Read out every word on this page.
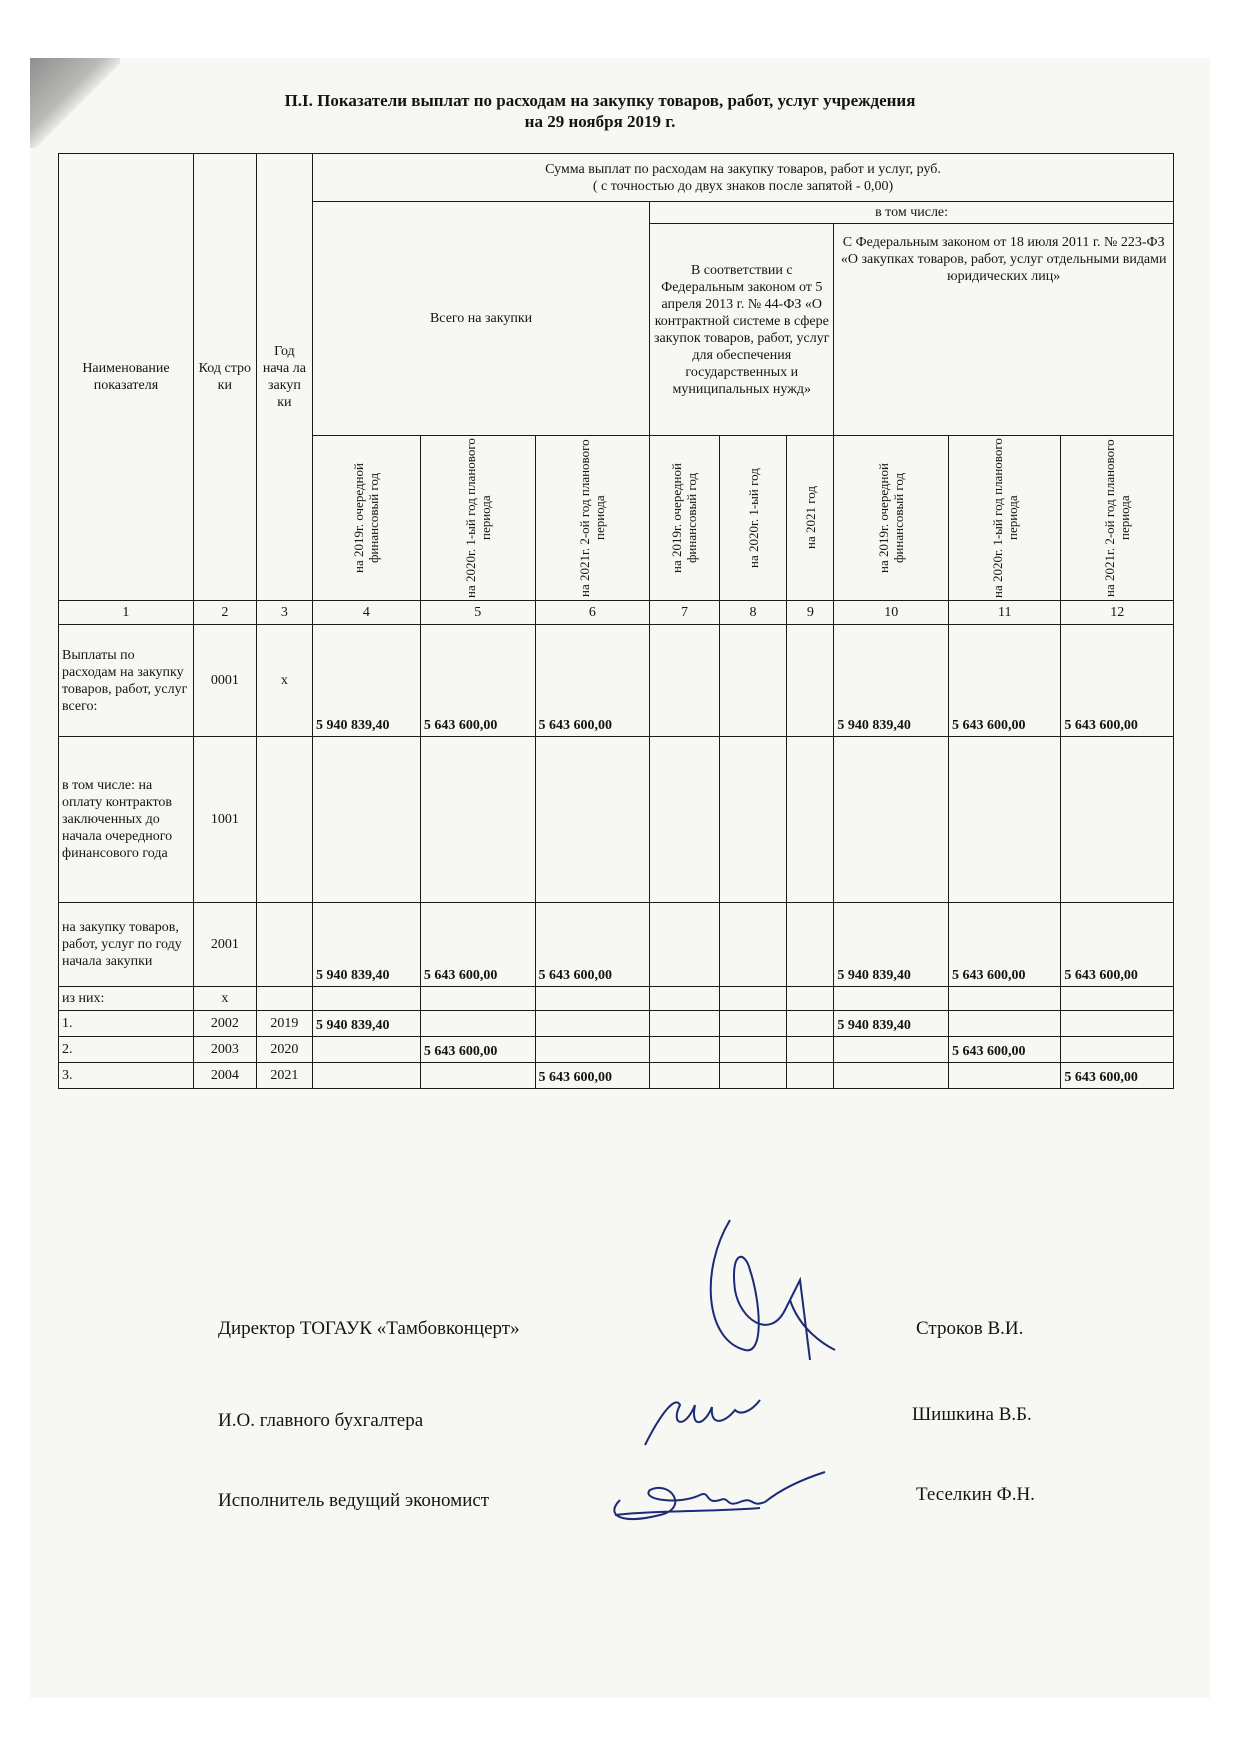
П.I. Показатели выплат по расходам на закупку товаров, работ, услуг учреждения
на 29 ноября 2019 г.
Наименование показателя	Код стро ки	Год нача ла закуп ки	Сумма выплат по расходам на закупку товаров, работ и услуг, руб.
( с точностью до двух знаков после запятой - 0,00)								

			Всего на закупки			в том числе:					
						В соответствии с Федеральным законом от 5 апреля 2013 г. № 44-ФЗ «О контрактной системе в сфере закупок товаров, работ, услуг для обеспечения государственных и муниципальных нужд»			С Федеральным законом от 18 июля 2011 г. № 223-ФЗ «О закупках товаров, работ, услуг отдельными видами юридических лиц»		

			на 2019г. очередной финансовый год	на 2020г. 1-ый год планового периода	на 2021г. 2-ой год планового периода	на 2019г. очередной финансовый год	на 2020г. 1-ый год	на 2021 год	на 2019г. очередной финансовый год	на 2020г. 1-ый год планового периода	на 2021г. 2-ой год планового периода

1	2	3	4	5	6	7	8	9	10	11	12
Выплаты по расходам на закупку товаров, работ, услуг всего:	0001	х	5 940 839,40	5 643 600,00	5 643 600,00				5 940 839,40	5 643 600,00	5 643 600,00
в том числе: на оплату контрактов заключенных до начала очередного финансового года	1001										
на закупку товаров, работ, услуг по году начала закупки	2001		5 940 839,40	5 643 600,00	5 643 600,00				5 940 839,40	5 643 600,00	5 643 600,00
из них:	х										
1.	2002	2019	5 940 839,40						5 940 839,40		
2.	2003	2020		5 643 600,00						5 643 600,00	
3.	2004	2021			5 643 600,00						5 643 600,00
Директор ТОГАУК «Тамбовконцерт»	Строков В.И.
И.О. главного бухгалтера	Шишкина В.Б.
Исполнитель ведущий экономист	Теселкин Ф.Н.
